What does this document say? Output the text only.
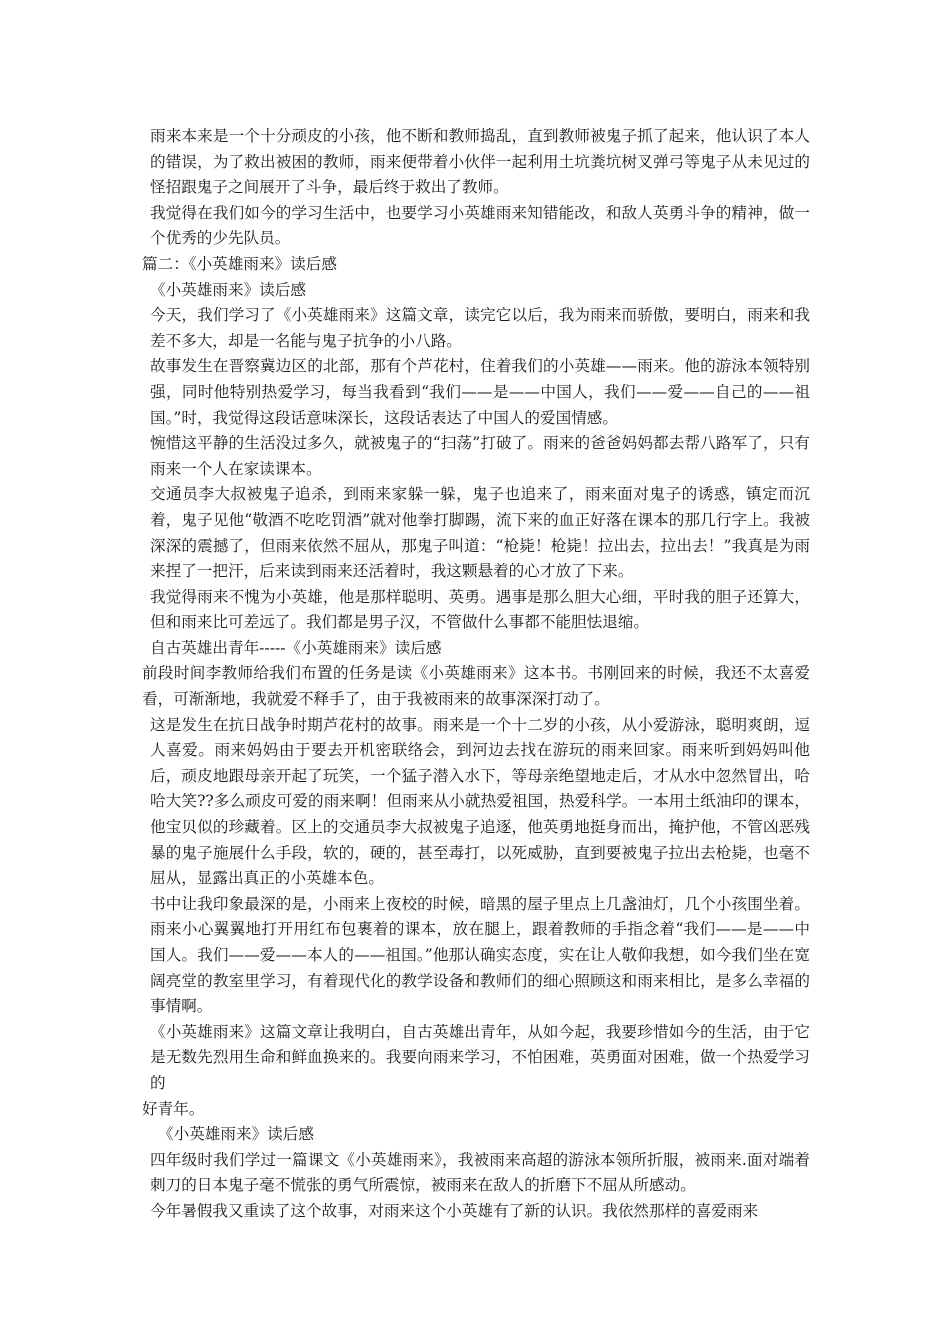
雨来本来是一个十分顽皮的小孩，他不断和教师捣乱，直到教师被鬼子抓了起来，他认识了本人的错误，为了救出被困的教师，雨来便带着小伙伴一起利用土坑粪坑树叉弹弓等鬼子从未见过的怪招跟鬼子之间展开了斗争，最后终于救出了教师。

我觉得在我们如今的学习生活中，也要学习小英雄雨来知错能改，和敌人英勇斗争的精神，做一个优秀的少先队员。

篇二：《小英雄雨来》读后感

《小英雄雨来》读后感

今天，我们学习了《小英雄雨来》这篇文章，读完它以后，我为雨来而骄傲，要明白，雨来和我差不多大，却是一名能与鬼子抗争的小八路。

故事发生在晋察冀边区的北部，那有个芦花村，住着我们的小英雄——雨来。他的游泳本领特别强，同时他特别热爱学习，每当我看到“我们——是——中国人，我们——爱——自己的——祖国。”时，我觉得这段话意味深长，这段话表达了中国人的爱国情感。

惋惜这平静的生活没过多久，就被鬼子的“扫荡”打破了。雨来的爸爸妈妈都去帮八路军了，只有雨来一个人在家读课本。

交通员李大叔被鬼子追杀，到雨来家躲一躲，鬼子也追来了，雨来面对鬼子的诱惑，镇定而沉着，鬼子见他“敬酒不吃吃罚酒”就对他拳打脚踢，流下来的血正好落在课本的那几行字上。我被深深的震撼了，但雨来依然不屈从，那鬼子叫道：“枪毙！枪毙！拉出去，拉出去！”我真是为雨来捏了一把汗，后来读到雨来还活着时，我这颗悬着的心才放了下来。

我觉得雨来不愧为小英雄，他是那样聪明、英勇。遇事是那么胆大心细，平时我的胆子还算大，但和雨来比可差远了。我们都是男子汉，不管做什么事都不能胆怯退缩。

自古英雄出青年-----《小英雄雨来》读后感

前段时间李教师给我们布置的任务是读《小英雄雨来》这本书。书刚回来的时候，我还不太喜爱看，可渐渐地，我就爱不释手了，由于我被雨来的故事深深打动了。

这是发生在抗日战争时期芦花村的故事。雨来是一个十二岁的小孩，从小爱游泳，聪明爽朗，逗人喜爱。雨来妈妈由于要去开机密联络会，到河边去找在游玩的雨来回家。雨来听到妈妈叫他后，顽皮地跟母亲开起了玩笑，一个猛子潜入水下，等母亲绝望地走后，才从水中忽然冒出，哈哈大笑??多么顽皮可爱的雨来啊！但雨来从小就热爱祖国，热爱科学。一本用土纸油印的课本，他宝贝似的珍藏着。区上的交通员李大叔被鬼子追逐，他英勇地挺身而出，掩护他，不管凶恶残暴的鬼子施展什么手段，软的，硬的，甚至毒打，以死威胁，直到要被鬼子拉出去枪毙，也毫不屈从，显露出真正的小英雄本色。

书中让我印象最深的是，小雨来上夜校的时候，暗黑的屋子里点上几盏油灯，几个小孩围坐着。雨来小心翼翼地打开用红布包裹着的课本，放在腿上，跟着教师的手指念着“我们——是——中国人。我们——爱——本人的——祖国。”他那认确实态度，实在让人敬仰我想，如今我们坐在宽阔亮堂的教室里学习，有着现代化的教学设备和教师们的细心照顾这和雨来相比，是多么幸福的事情啊。

《小英雄雨来》这篇文章让我明白，自古英雄出青年，从如今起，我要珍惜如今的生活，由于它是无数先烈用生命和鲜血换来的。我要向雨来学习，不怕困难，英勇面对困难，做一个热爱学习的

好青年。

《小英雄雨来》读后感

四年级时我们学过一篇课文《小英雄雨来》，我被雨来高超的游泳本领所折服，被雨来.面对端着刺刀的日本鬼子毫不慌张的勇气所震惊，被雨来在敌人的折磨下不屈从所感动。

今年暑假我又重读了这个故事，对雨来这个小英雄有了新的认识。我依然那样的喜爱雨来
